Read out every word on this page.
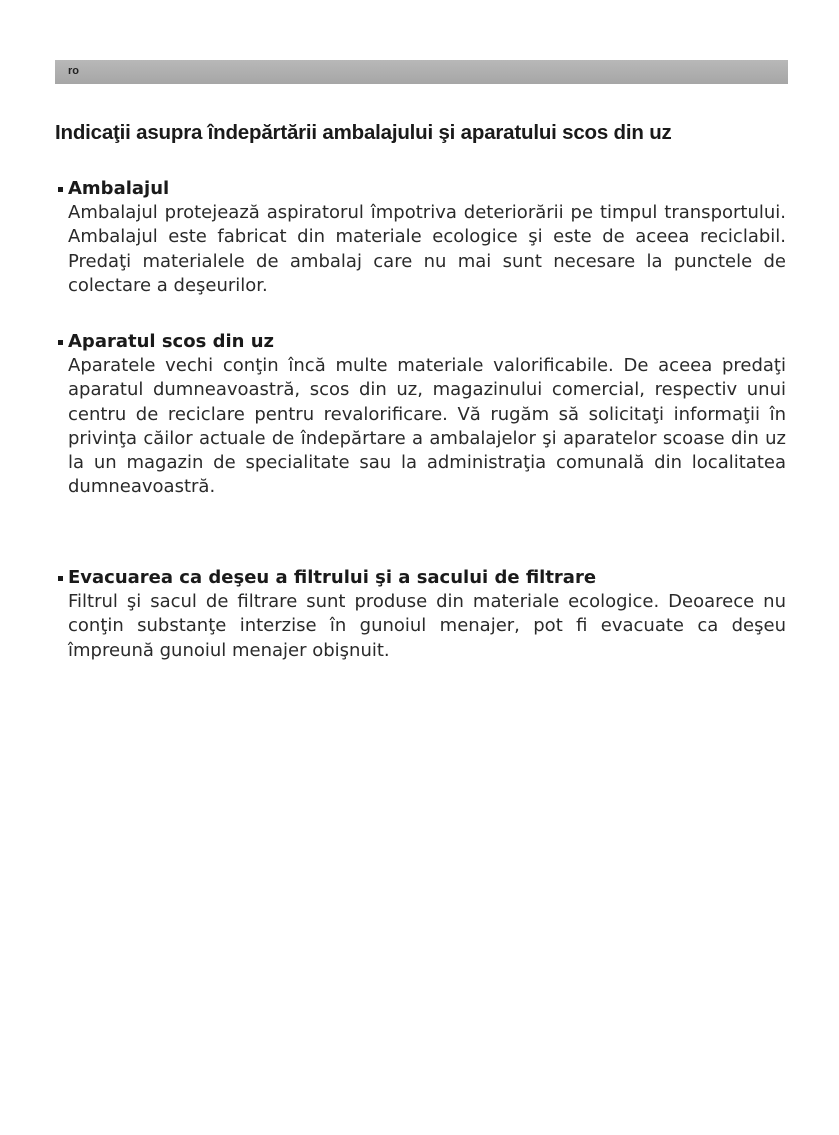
ro
Indicaţii asupra îndepărtării ambalajului şi aparatului scos din uz
Ambalajul

Ambalajul protejează aspiratorul împotriva deteriorării pe timpul transportului. Ambalajul este fabricat din materiale ecologice şi este de aceea reciclabil. Predaţi materialele de ambalaj care nu mai sunt necesare la punctele de colectare a deşeurilor.

Aparatul scos din uz

Aparatele vechi conţin încă multe materiale valorificabile. De aceea predaţi aparatul dumneavoastră, scos din uz, magazinului comercial, respectiv unui centru de reciclare pentru revalorificare. Vă rugăm să solicitaţi informaţii în privinţa căilor actuale de îndepărtare a ambalajelor şi aparatelor scoase din uz la un magazin de specialitate sau la administraţia comunală din localitatea dumneavoastră.

Evacuarea ca deşeu a filtrului şi a sacului de filtrare

Filtrul şi sacul de filtrare sunt produse din materiale ecologice. Deoarece nu conţin substanţe interzise în gunoiul menajer, pot fi evacuate ca deşeu împreună gunoiul menajer obişnuit.
